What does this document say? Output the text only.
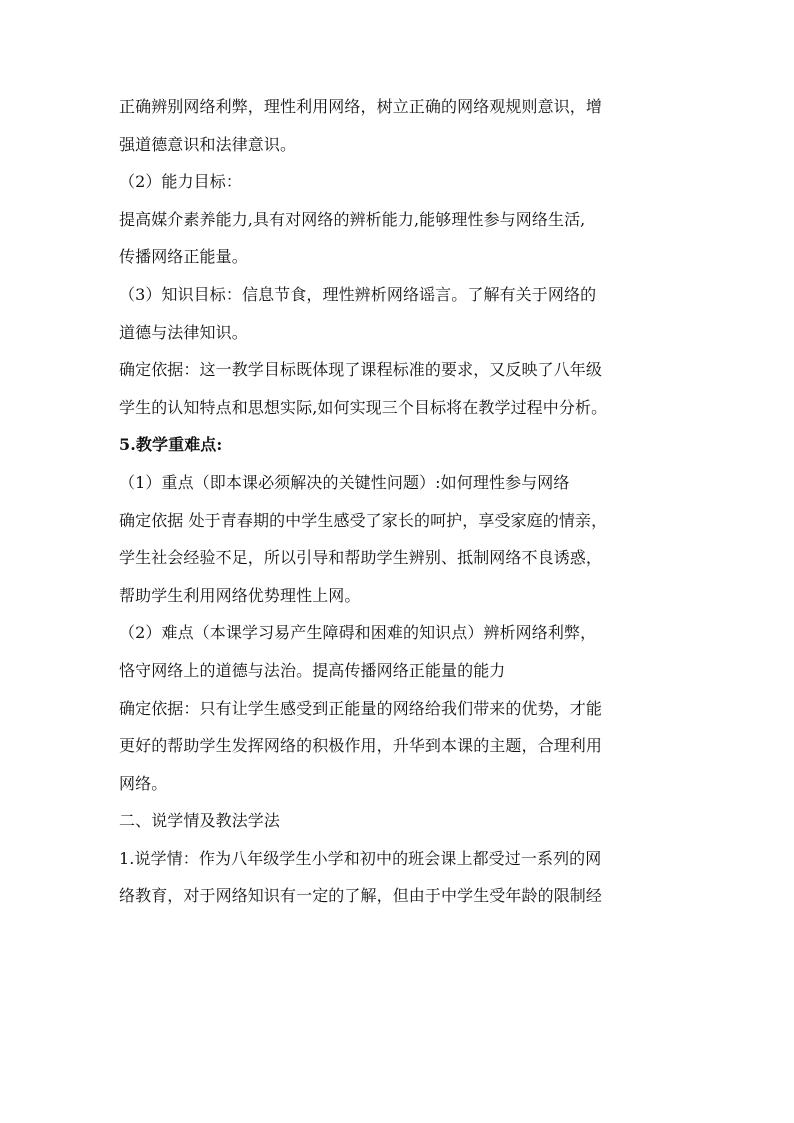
正确辨别网络利弊，理性利用网络，树立正确的网络观规则意识，增
强道德意识和法律意识。
（2）能力目标：
提高媒介素养能力,具有对网络的辨析能力,能够理性参与网络生活,
传播网络正能量。
（3）知识目标：信息节食，理性辨析网络谣言。了解有关于网络的
道德与法律知识。
确定依据：这一教学目标既体现了课程标准的要求，又反映了八年级
学生的认知特点和思想实际,如何实现三个目标将在教学过程中分析。
5.教学重难点:
（1）重点（即本课必须解决的关键性问题）:如何理性参与网络
确定依据 处于青春期的中学生感受了家长的呵护，享受家庭的情亲，
学生社会经验不足，所以引导和帮助学生辨别、抵制网络不良诱惑，
帮助学生利用网络优势理性上网。
（2）难点（本课学习易产生障碍和困难的知识点）辨析网络利弊，
恪守网络上的道德与法治。提高传播网络正能量的能力
确定依据：只有让学生感受到正能量的网络给我们带来的优势，才能
更好的帮助学生发挥网络的积极作用，升华到本课的主题，合理利用
网络。
二、说学情及教法学法
1.说学情：作为八年级学生小学和初中的班会课上都受过一系列的网
络教育，对于网络知识有一定的了解，但由于中学生受年龄的限制经
